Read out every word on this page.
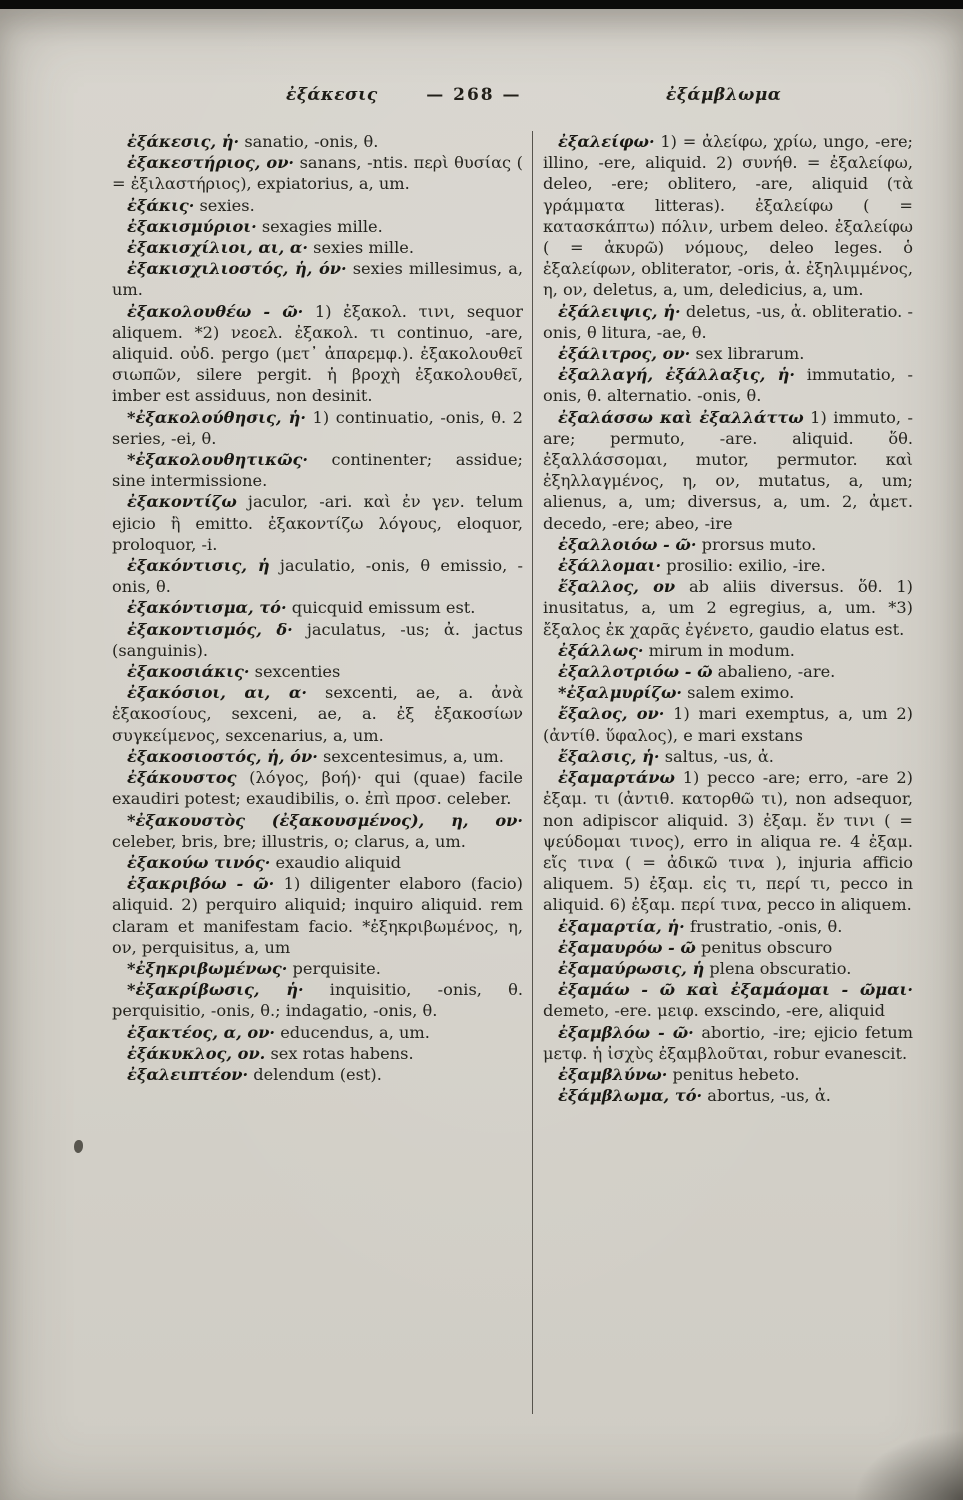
ἐξάκεσις	— 268 —	ἐξάμβλωμα

ἐξάκεσις, ἡ· sanatio, -onis, θ.

ἐξακεστήριος, ον· sanans, -ntis. περὶ θυσίας ( = ἐξιλαστήριος), expiatorius, a, um.

ἐξάκις· sexies.

ἐξακισμύριοι· sexagies mille.

ἐξακισχίλιοι, αι, α· sexies mille.

ἐξακισχιλιοστός, ἡ, όν· sexies millesimus, a, um.

ἐξακολουθέω - ῶ· 1) ἐξακολ. τινι, sequor aliquem. *2) νεοελ. ἐξακολ. τι continuo, -are, aliquid. οὐδ. pergo (μετ᾽ ἀπαρεμφ.). ἐξακολουθεῖ σιωπῶν, silere pergit. ἡ βροχὴ ἐξακολουθεῖ, imber est assiduus, non desinit.

*ἐξακολούθησις, ἡ· 1) continuatio, -onis, θ. 2 series, -ei, θ.

*ἐξακολουθητικῶς· continenter; assidue; sine intermissione.

ἐξακοντίζω jaculor, -ari. καὶ ἐν γεν. telum ejicio ἢ emitto. ἐξακοντίζω λόγους, eloquor, proloquor, -i.

ἐξακόντισις, ἡ jaculatio, -onis, θ emissio, -onis, θ.

ἐξακόντισμα, τό· quicquid emissum est.

ἐξακοντισμός, δ· jaculatus, -us; ἀ. jactus (sanguinis).

ἐξακοσιάκις· sexcenties

ἐξακόσιοι, αι, α· sexcenti, ae, a. ἀνὰ ἑξακοσίους, sexceni, ae, a. ἐξ ἑξακοσίων συγκείμενος, sexcenarius, a, um.

ἐξακοσιοστός, ἡ, όν· sexcentesimus, a, um.

ἐξάκουστος (λόγος, βοή)· qui (quae) facile exaudiri potest; exaudibilis, ο. ἐπὶ προσ. celeber.

*ἐξακουστὸς (ἐξακουσμένος), η, ον· celeber, bris, bre; illustris, ο; clarus, a, um.

ἐξακούω τινός· exaudio aliquid

ἐξακριβόω - ῶ· 1) diligenter elaboro (facio) aliquid. 2) perquiro aliquid; inquiro aliquid. rem claram et manifestam facio. *ἐξηκριβωμένος, η, ον, perquisitus, a, um

*ἐξηκριβωμένως· perquisite.

*ἐξακρίβωσις, ἡ· inquisitio, -onis, θ. perquisitio, -onis, θ.; indagatio, -onis, θ.

ἐξακτέος, α, ον· educendus, a, um.

ἐξάκυκλος, ον. sex rotas habens.

ἐξαλειπτέον· delendum (est).

ἐξαλείφω· 1) = ἀλείφω, χρίω, ungo, -ere; illino, -ere, aliquid. 2) συνήθ. = ἐξαλείφω, deleo, -ere; oblitero, -are, aliquid (τὰ γράμματα litteras). ἐξαλείφω ( = κατασκάπτω) πόλιν, urbem deleo. ἐξαλείφω ( = ἀκυρῶ) νόμους, deleo leges. ὁ ἐξαλείφων, obliterator, -oris, ἀ. ἐξηλιμμένος, η, ον, deletus, a, um, deledicius, a, um.

ἐξάλειψις, ἡ· deletus, -us, ἀ. obliteratio. -onis, θ litura, -ae, θ.

ἐξάλιτρος, ον· sex librarum.

ἐξαλλαγή, ἐξάλλαξις, ἡ· immutatio, -onis, θ. alternatio. -onis, θ.

ἐξαλάσσω καὶ ἐξαλλάττω 1) immuto, -are; permuto, -are. aliquid. ὅθ. ἐξαλλάσσομαι, mutor, permutor. καὶ ἐξηλλαγμένος, η, ον, mutatus, a, um; alienus, a, um; diversus, a, um. 2, ἀμετ. decedo, -ere; abeo, -ire

ἐξαλλοιόω - ῶ· prorsus muto.

ἐξάλλομαι· prosilio: exilio, -ire.

ἔξαλλος, ον ab aliis diversus. ὅθ. 1) inusitatus, a, um 2 egregius, a, um. *3) ἔξαλος ἐκ χαρᾶς ἐγένετο, gaudio elatus est.

ἐξάλλως· mirum in modum.

ἐξαλλοτριόω - ῶ abalieno, -are.

*ἐξαλμυρίζω· salem eximo.

ἔξαλος, ον· 1) mari exemptus, a, um 2) (ἀντίθ. ὕφαλος), e mari exstans

ἔξαλσις, ἡ· saltus, -us, ἀ.

ἐξαμαρτάνω 1) pecco -are; erro, -are 2) ἐξαμ. τι (ἀντιθ. κατορθῶ τι), non adsequor, non adipiscor aliquid. 3) ἐξαμ. ἔν τινι ( = ψεύδομαι τινος), erro in aliqua re. 4 ἐξαμ. εἴς τινα ( = ἀδικῶ τινα ), injuria afficio aliquem. 5) ἐξαμ. εἰς τι, περί τι, pecco in aliquid. 6) ἐξαμ. περί τινα, pecco in aliquem.

ἐξαμαρτία, ἡ· frustratio, -onis, θ.

ἐξαμαυρόω - ῶ penitus obscuro

ἐξαμαύρωσις, ἡ plena obscuratio.

ἐξαμάω - ῶ καὶ ἐξαμάομαι - ῶμαι· demeto, -ere. μειφ. exscindo, -ere, aliquid

ἐξαμβλόω - ῶ· abortio, -ire; ejicio fetum μετφ. ἡ ἰσχὺς ἐξαμβλοῦται, robur evanescit.

ἐξαμβλύνω· penitus hebeto.

ἐξάμβλωμα, τό· abortus, -us, ἀ.
